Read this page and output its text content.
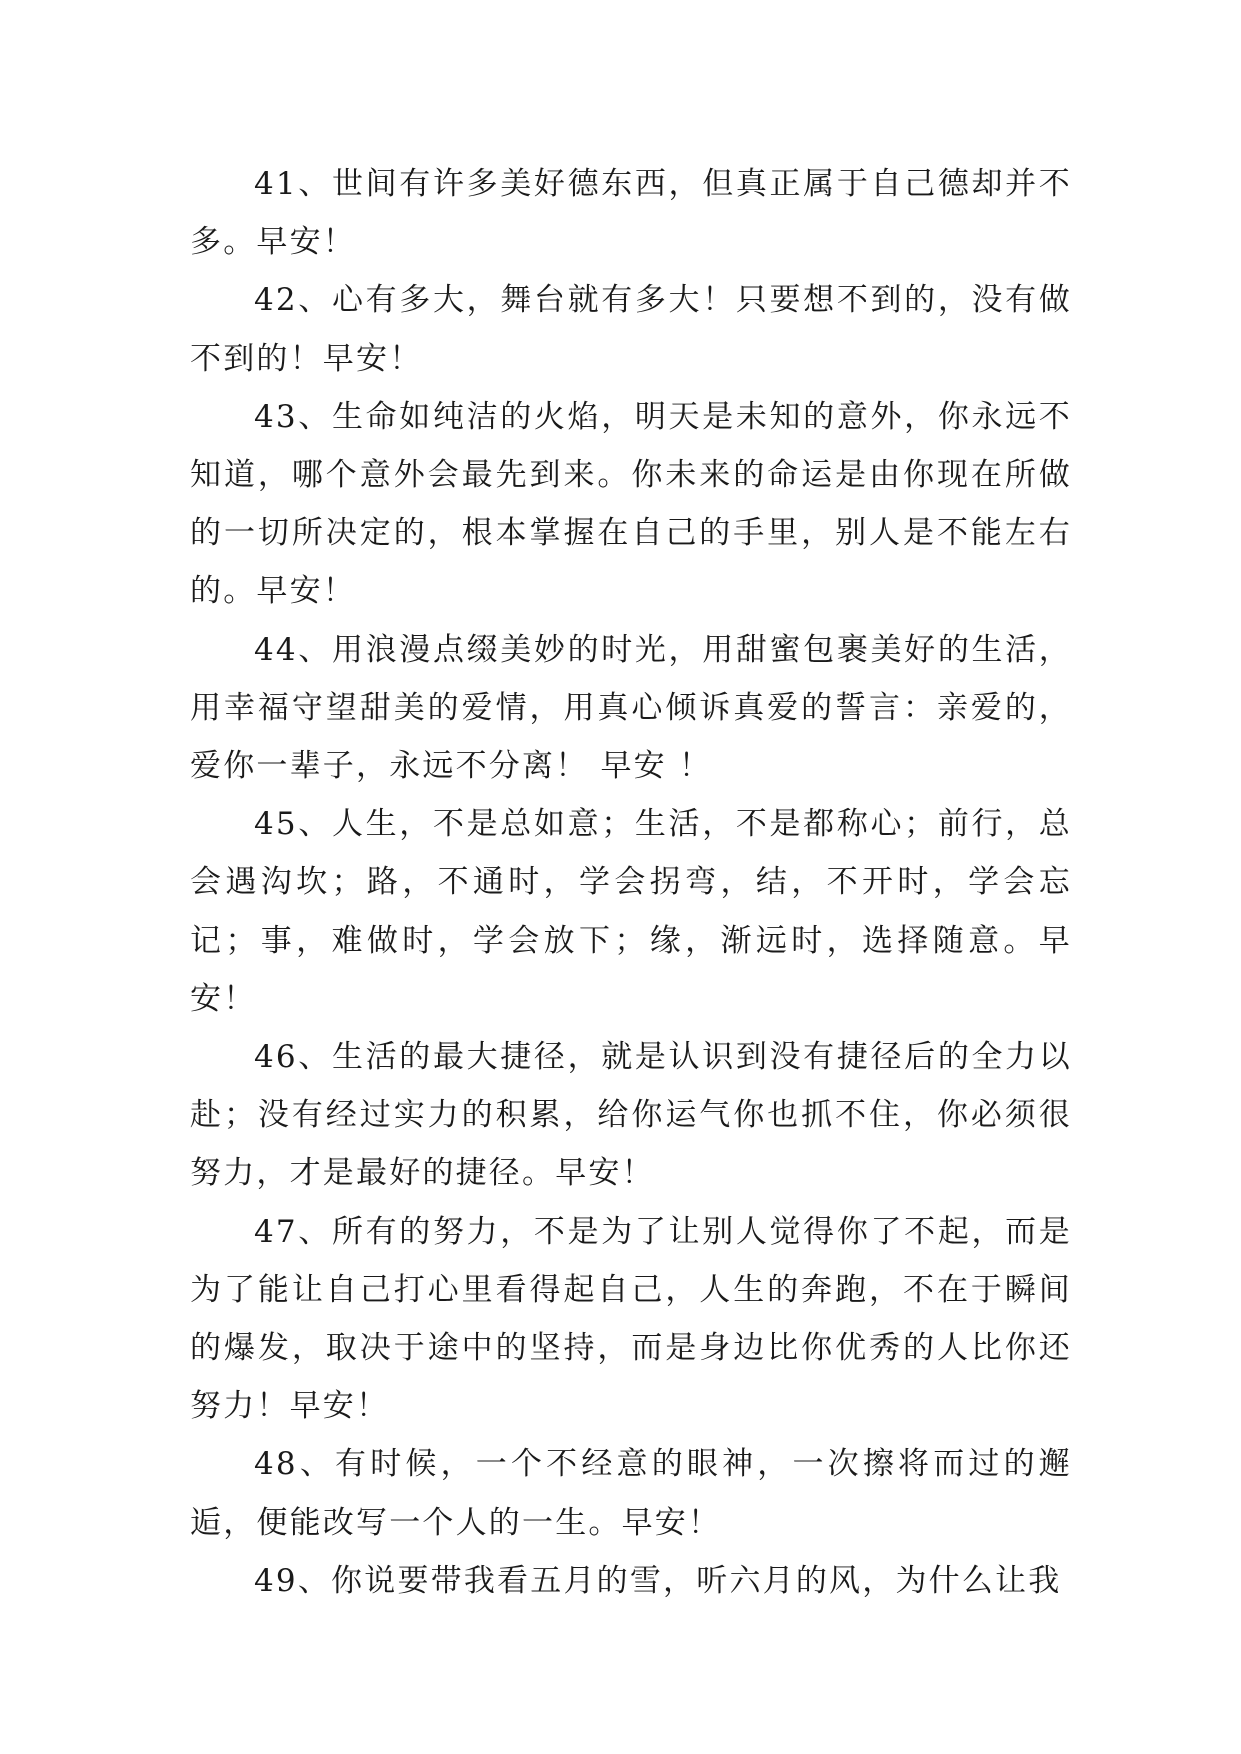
41、世间有许多美好德东西，但真正属于自己德却并不多。早安！

42、心有多大，舞台就有多大！只要想不到的，没有做不到的！早安！

43、生命如纯洁的火焰，明天是未知的意外，你永远不知道，哪个意外会最先到来。你未来的命运是由你现在所做的一切所决定的，根本掌握在自己的手里，别人是不能左右的。早安！

44、用浪漫点缀美妙的时光，用甜蜜包裹美好的生活，用幸福守望甜美的爱情，用真心倾诉真爱的誓言：亲爱的，爱你一辈子，永远不分离！ 早安 ！

45、人生，不是总如意；生活，不是都称心；前行，总会遇沟坎；路，不通时，学会拐弯，结，不开时，学会忘记；事，难做时，学会放下；缘，渐远时，选择随意。早安！

46、生活的最大捷径，就是认识到没有捷径后的全力以赴；没有经过实力的积累，给你运气你也抓不住，你必须很努力，才是最好的捷径。早安！

47、所有的努力，不是为了让别人觉得你了不起，而是为了能让自己打心里看得起自己，人生的奔跑，不在于瞬间的爆发，取决于途中的坚持，而是身边比你优秀的人比你还努力！早安！

48、有时候，一个不经意的眼神，一次擦将而过的邂逅，便能改写一个人的一生。早安！

49、你说要带我看五月的雪，听六月的风，为什么让我
